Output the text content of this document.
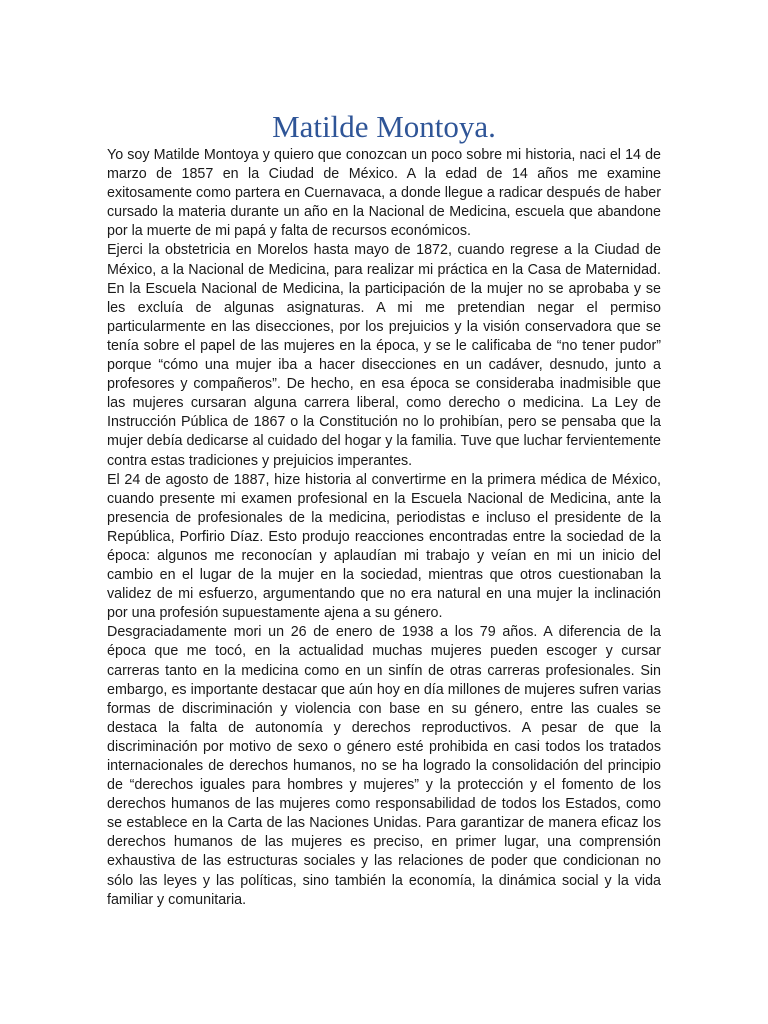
Matilde Montoya.

Yo soy Matilde Montoya y quiero que conozcan un poco sobre mi historia, naci el 14 de marzo de 1857 en la Ciudad de México. A la edad de 14 años me examine exitosamente como partera en Cuernavaca, a donde llegue a radicar después de haber cursado la materia durante un año en la Nacional de Medicina, escuela que abandone por la muerte de mi papá y falta de recursos económicos.

Ejerci la obstetricia en Morelos hasta mayo de 1872, cuando regrese a la Ciudad de México, a la Nacional de Medicina, para realizar mi práctica en la Casa de Maternidad. En la Escuela Nacional de Medicina, la participación de la mujer no se aprobaba y se les excluía de algunas asignaturas. A mi me pretendian negar el permiso particularmente en las disecciones, por los prejuicios y la visión conservadora que se tenía sobre el papel de las mujeres en la época, y se le calificaba de “no tener pudor” porque “cómo una mujer iba a hacer disecciones en un cadáver, desnudo, junto a profesores y compañeros”. De hecho, en esa época se consideraba inadmisible que las mujeres cursaran alguna carrera liberal, como derecho o medicina. La Ley de Instrucción Pública de 1867 o la Constitución no lo prohibían, pero se pensaba que la mujer debía dedicarse al cuidado del hogar y la familia. Tuve que luchar fervientemente contra estas tradiciones y prejuicios imperantes.

El 24 de agosto de 1887, hize historia al convertirme en la primera médica de México, cuando presente mi examen profesional en la Escuela Nacional de Medicina, ante la presencia de profesionales de la medicina, periodistas e incluso el presidente de la República, Porfirio Díaz. Esto produjo reacciones encontradas entre la sociedad de la época: algunos me reconocían y aplaudían mi trabajo y veían en mi un inicio del cambio en el lugar de la mujer en la sociedad, mientras que otros cuestionaban la validez de mi esfuerzo, argumentando que no era natural en una mujer la inclinación por una profesión supuestamente ajena a su género.

Desgraciadamente mori un 26 de enero de 1938 a los 79 años. A diferencia de la época que me tocó, en la actualidad muchas mujeres pueden escoger y cursar carreras tanto en la medicina como en un sinfín de otras carreras profesionales. Sin embargo, es importante destacar que aún hoy en día millones de mujeres sufren varias formas de discriminación y violencia con base en su género, entre las cuales se destaca la falta de autonomía y derechos reproductivos. A pesar de que la discriminación por motivo de sexo o género esté prohibida en casi todos los tratados internacionales de derechos humanos, no se ha logrado la consolidación del principio de “derechos iguales para hombres y mujeres” y la protección y el fomento de los derechos humanos de las mujeres como responsabilidad de todos los Estados, como se establece en la Carta de las Naciones Unidas. Para garantizar de manera eficaz los derechos humanos de las mujeres es preciso, en primer lugar, una comprensión exhaustiva de las estructuras sociales y las relaciones de poder que condicionan no sólo las leyes y las políticas, sino también la economía, la dinámica social y la vida familiar y comunitaria.
